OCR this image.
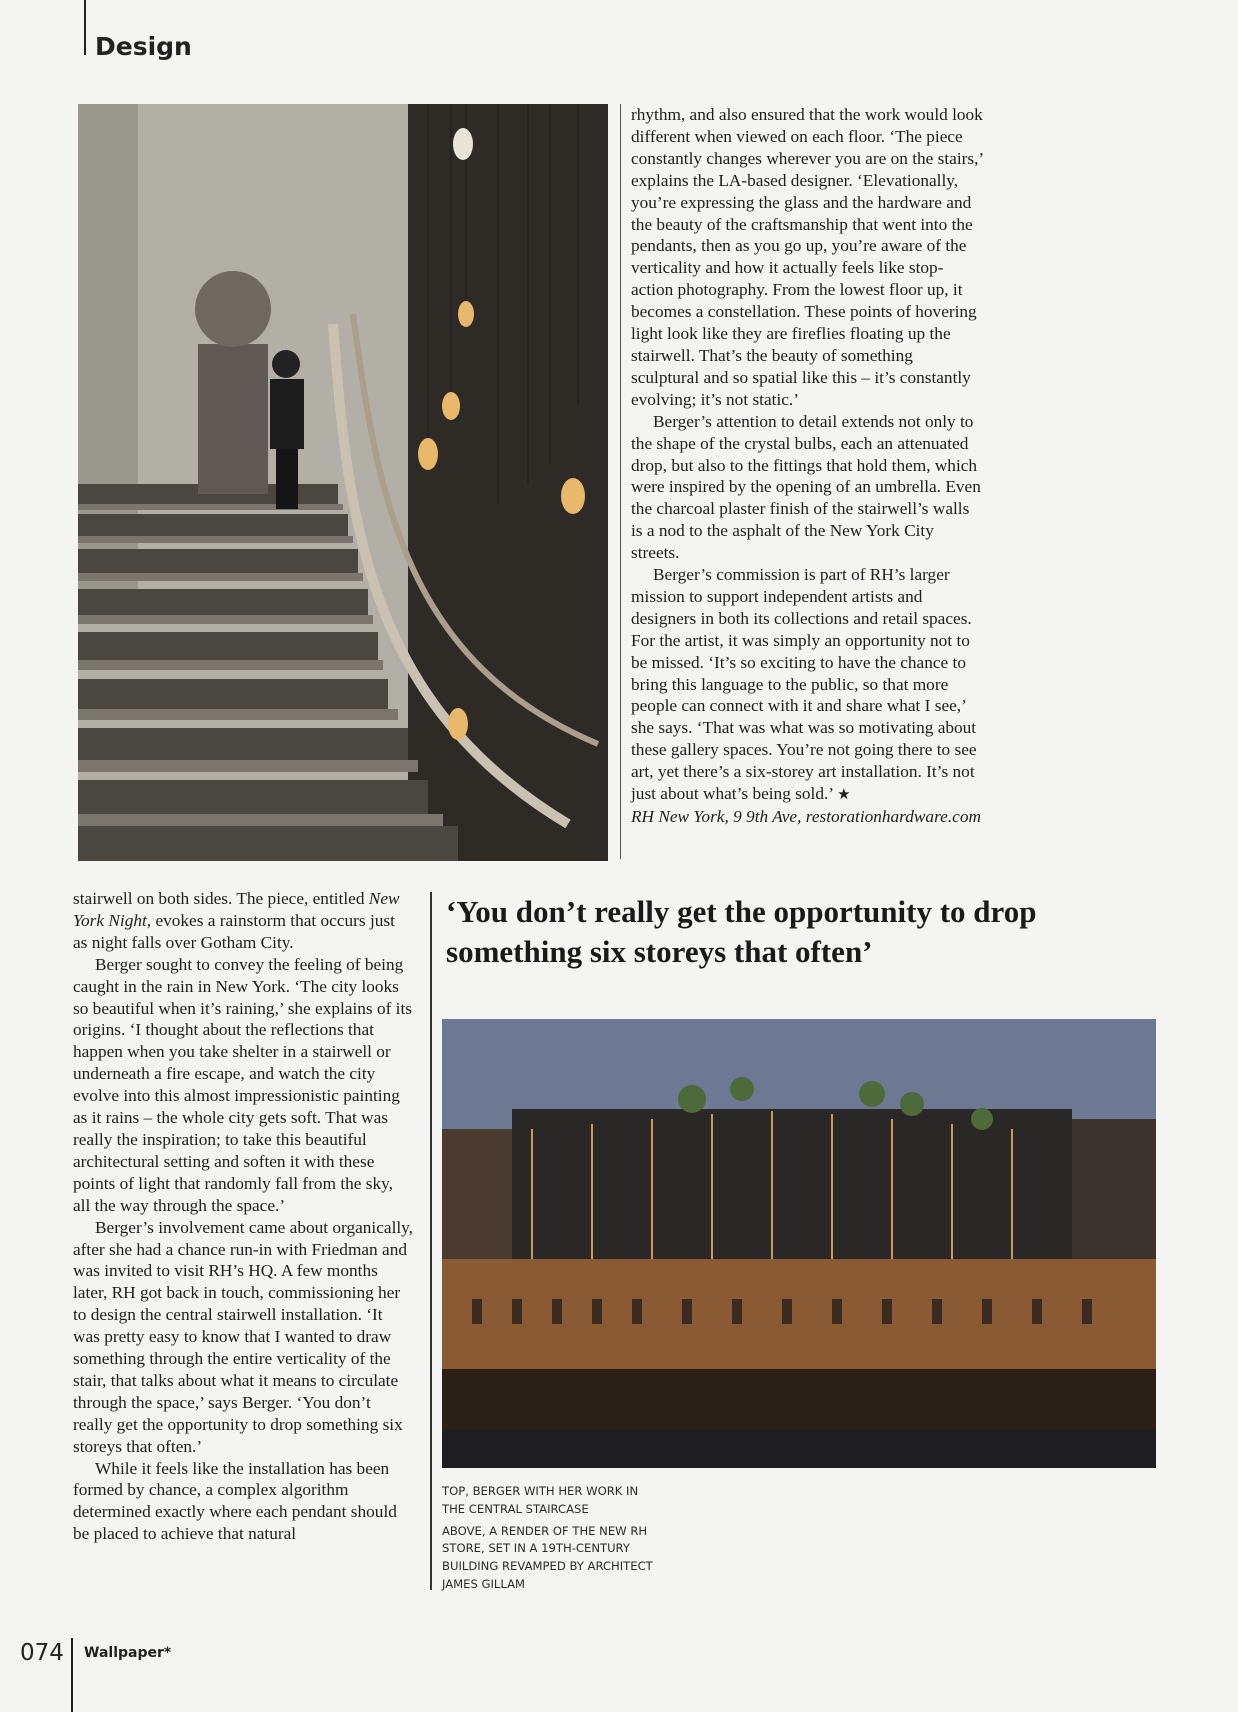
Design

rhythm, and also ensured that the work would look different when viewed on each floor. ‘The piece constantly changes wherever you are on the stairs,’ explains the LA-based designer. ‘Elevationally, you’re expressing the glass and the hardware and the beauty of the craftsmanship that went into the pendants, then as you go up, you’re aware of the verticality and how it actually feels like stop-action photography. From the lowest floor up, it becomes a constellation. These points of hovering light look like they are fireflies floating up the stairwell. That’s the beauty of something sculptural and so spatial like this – it’s constantly evolving; it’s not static.’

Berger’s attention to detail extends not only to the shape of the crystal bulbs, each an attenuated drop, but also to the fittings that hold them, which were inspired by the opening of an umbrella. Even the charcoal plaster finish of the stairwell’s walls is a nod to the asphalt of the New York City streets.

Berger’s commission is part of RH’s larger mission to support independent artists and designers in both its collections and retail spaces. For the artist, it was simply an opportunity not to be missed. ‘It’s so exciting to have the chance to bring this language to the public, so that more people can connect with it and share what I see,’ she says. ‘That was what was so motivating about these gallery spaces. You’re not going there to see art, yet there’s a six-storey art installation. It’s not just about what’s being sold.’ ★

RH New York, 9 9th Ave, restorationhardware.com

stairwell on both sides. The piece, entitled New York Night, evokes a rainstorm that occurs just as night falls over Gotham City.

Berger sought to convey the feeling of being caught in the rain in New York. ‘The city looks so beautiful when it’s raining,’ she explains of its origins. ‘I thought about the reflections that happen when you take shelter in a stairwell or underneath a fire escape, and watch the city evolve into this almost impressionistic painting as it rains – the whole city gets soft. That was really the inspiration; to take this beautiful architectural setting and soften it with these points of light that randomly fall from the sky, all the way through the space.’

Berger’s involvement came about organically, after she had a chance run-in with Friedman and was invited to visit RH’s HQ. A few months later, RH got back in touch, commissioning her to design the central stairwell installation. ‘It was pretty easy to know that I wanted to draw something through the entire verticality of the stair, that talks about what it means to circulate through the space,’ says Berger. ‘You don’t really get the opportunity to drop something six storeys that often.’

While it feels like the installation has been formed by chance, a complex algorithm determined exactly where each pendant should be placed to achieve that natural

‘You don’t really get the opportunity to drop something six storeys that often’

TOP, BERGER WITH HER WORK IN THE CENTRAL STAIRCASE

ABOVE, A RENDER OF THE NEW RH STORE, SET IN A 19TH-CENTURY BUILDING REVAMPED BY ARCHITECT JAMES GILLAM

074 Wallpaper*
